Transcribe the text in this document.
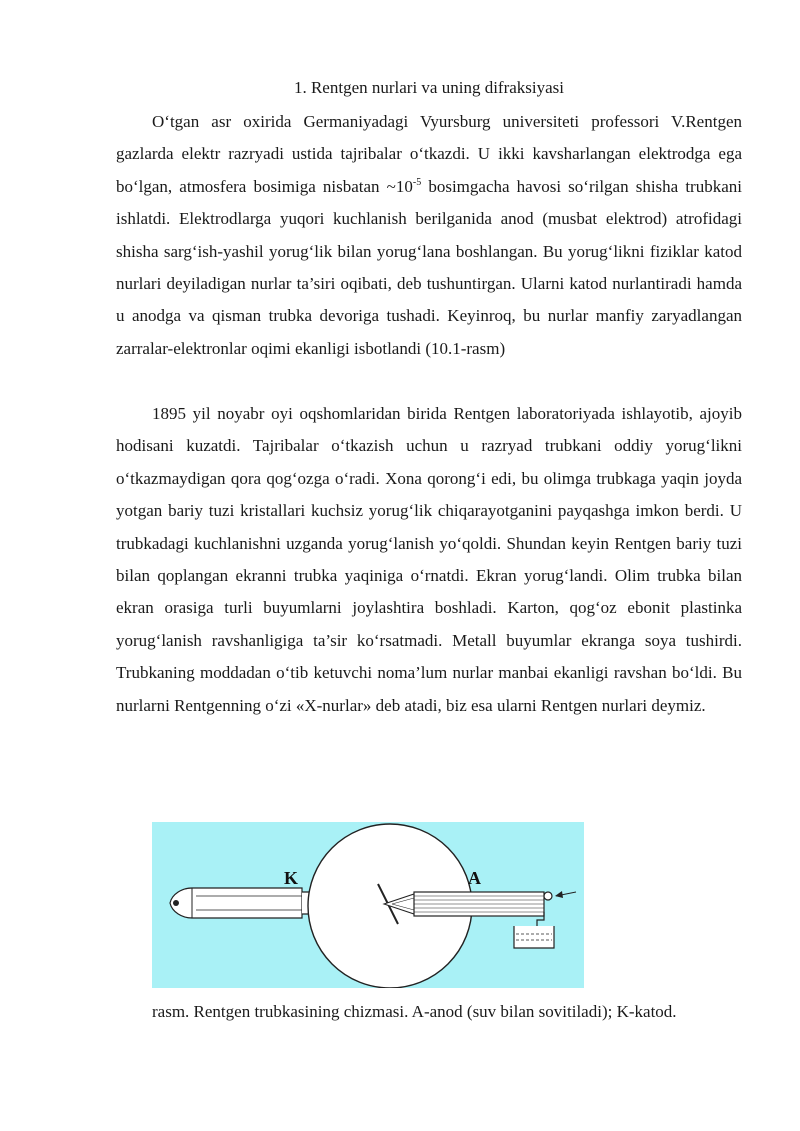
1. Rentgen nurlari va uning difraksiyasi

O‘tgan asr oxirida Germaniyadagi Vyursburg universiteti professori V.Rentgen gazlarda elektr razryadi ustida tajribalar o‘tkazdi. U ikki kavsharlangan elektrodga ega bo‘lgan, atmosfera bosimiga nisbatan $\sim 10^{-5}$ bosimgacha havosi so‘rilgan shisha trubkani ishlatdi. Elektrodlarga yuqori kuchlanish berilganida anod (musbat elektrod) atrofidagi shisha sarg‘ish-yashil yorug‘lik bilan yorug‘lana boshlangan. Bu yorug‘likni fiziklar katod nurlari deyiladigan nurlar ta’siri oqibati, deb tushuntirgan. Ularni katod nurlantiradi hamda u anodga va qisman trubka devoriga tushadi. Keyinroq, bu nurlar manfiy zaryadlangan zarralar-elektronlar oqimi ekanligi isbotlandi (10.1-rasm)

1895 yil noyabr oyi oqshomlaridan birida Rentgen laboratoriyada ishlayotib, ajoyib hodisani kuzatdi. Tajribalar o‘tkazish uchun u razryad trubkani oddiy yorug‘likni o‘tkazmaydigan qora qog‘ozga o‘radi. Xona qorong‘i edi, bu olimga trubkaga yaqin joyda yotgan bariy tuzi kristallari kuchsiz yorug‘lik chiqarayotganini payqashga imkon berdi. U trubkadagi kuchlanishni uzganda yorug‘lanish yo‘qoldi. Shundan keyin Rentgen bariy tuzi bilan qoplangan ekranni trubka yaqiniga o‘rnatdi. Ekran yorug‘landi. Olim trubka bilan ekran orasiga turli buyumlarni joylashtira boshladi. Karton, qog‘oz ebonit plastinka yorug‘lanish ravshanligiga ta’sir ko‘rsatmadi. Metall buyumlar ekranga soya tushirdi. Trubkaning moddadan o‘tib ketuvchi noma’lum nurlar manbai ekanligi ravshan bo‘ldi. Bu nurlarni Rentgenning o‘zi «X-nurlar» deb atadi, biz esa ularni Rentgen nurlari deymiz.

K	A
rasm. Rentgen trubkasining chizmasi. A-anod (suv bilan sovitiladi); K-katod.
